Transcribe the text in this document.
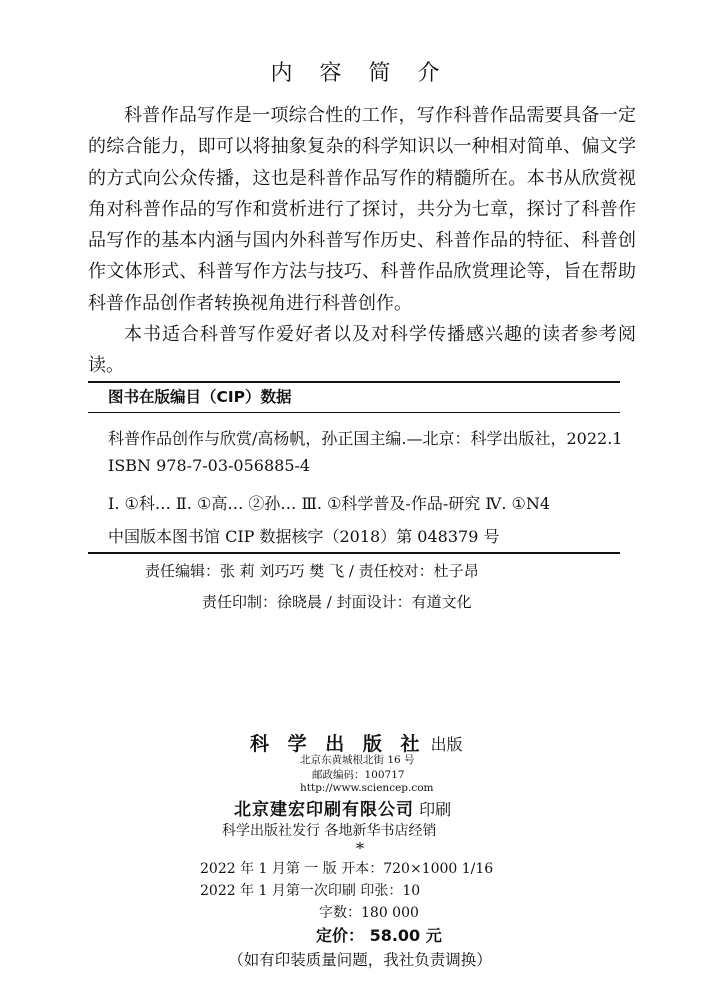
内 容 简 介

科普作品写作是一项综合性的工作，写作科普作品需要具备一定的综合能力，即可以将抽象复杂的科学知识以一种相对简单、偏文学的方式向公众传播，这也是科普作品写作的精髓所在。本书从欣赏视角对科普作品的写作和赏析进行了探讨，共分为七章，探讨了科普作品写作的基本内涵与国内外科普写作历史、科普作品的特征、科普创作文体形式、科普写作方法与技巧、科普作品欣赏理论等，旨在帮助科普作品创作者转换视角进行科普创作。

本书适合科普写作爱好者以及对科学传播感兴趣的读者参考阅读。

图书在版编目（CIP）数据
科普作品创作与欣赏/高杨帆，孙正国主编.—北京：科学出版社，2022.1
ISBN 978-7-03-056885-4
Ⅰ. ①科… Ⅱ. ①高… ②孙… Ⅲ. ①科学普及-作品-研究 Ⅳ. ①N4
中国版本图书馆 CIP 数据核字（2018）第 048379 号
责任编辑：张 莉 刘巧巧 樊 飞 / 责任校对：杜子昂
责任印制：徐晓晨 / 封面设计：有道文化
科 学 出 版 社 出版
北京东黄城根北街 16 号
邮政编码：100717
http://www.sciencep.com
北京建宏印刷有限公司 印刷
科学出版社发行 各地新华书店经销
*
2022 年 1 月第 一 版 开本：720×1000 1/16
2022 年 1 月第一次印刷 印张：10
字数：180 000
定价： 58.00 元
（如有印装质量问题，我社负责调换）
